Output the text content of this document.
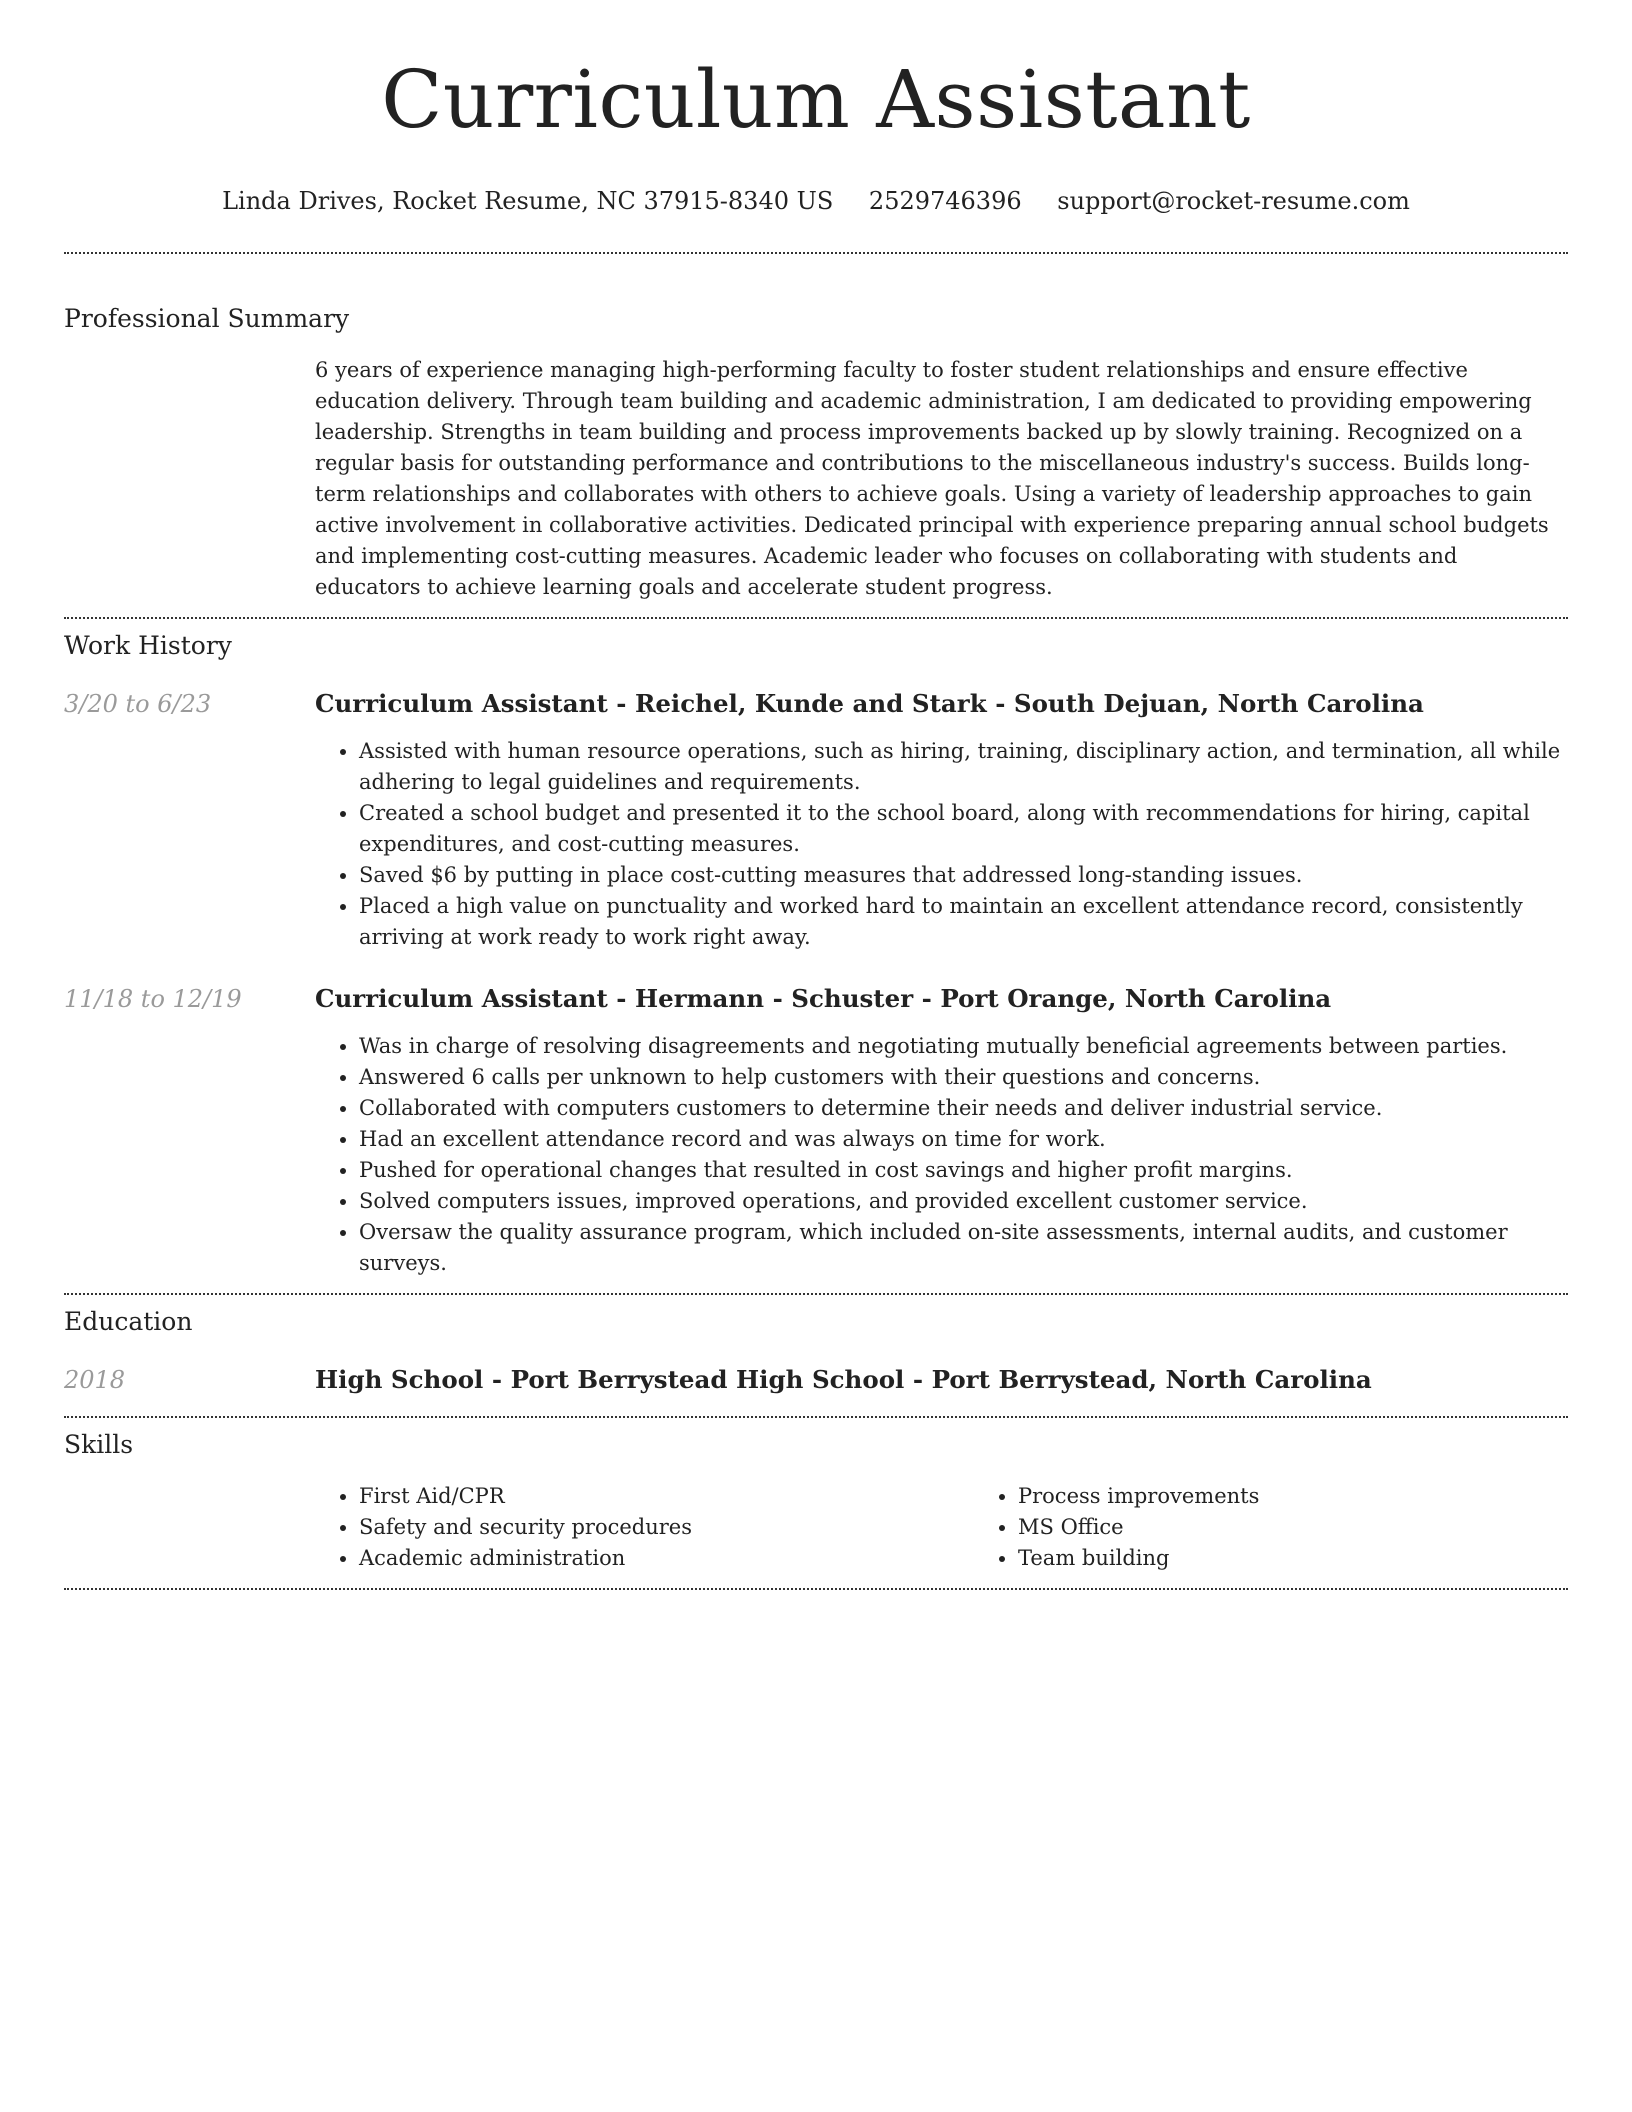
Curriculum Assistant
Linda Drives, Rocket Resume, NC 37915-8340 US 2529746396 support@rocket-resume.com
Professional Summary

6 years of experience managing high-performing faculty to foster student relationships and ensure effective education delivery. Through team building and academic administration, I am dedicated to providing empowering leadership. Strengths in team building and process improvements backed up by slowly training. Recognized on a regular basis for outstanding performance and contributions to the miscellaneous industry's success. Builds long-term relationships and collaborates with others to achieve goals. Using a variety of leadership approaches to gain active involvement in collaborative activities. Dedicated principal with experience preparing annual school budgets and implementing cost-cutting measures. Academic leader who focuses on collaborating with students and educators to achieve learning goals and accelerate student progress.

Work History
3/20 to 6/23	Curriculum Assistant - Reichel, Kunde and Stark - South Dejuan, North Carolina
• Assisted with human resource operations, such as hiring, training, disciplinary action, and termination, all while adhering to legal guidelines and requirements.
• Created a school budget and presented it to the school board, along with recommendations for hiring, capital expenditures, and cost-cutting measures.
• Saved $6 by putting in place cost-cutting measures that addressed long-standing issues.
• Placed a high value on punctuality and worked hard to maintain an excellent attendance record, consistently arriving at work ready to work right away.
11/18 to 12/19	Curriculum Assistant - Hermann - Schuster - Port Orange, North Carolina
• Was in charge of resolving disagreements and negotiating mutually beneficial agreements between parties.
• Answered 6 calls per unknown to help customers with their questions and concerns.
• Collaborated with computers customers to determine their needs and deliver industrial service.
• Had an excellent attendance record and was always on time for work.
• Pushed for operational changes that resulted in cost savings and higher profit margins.
• Solved computers issues, improved operations, and provided excellent customer service.
• Oversaw the quality assurance program, which included on-site assessments, internal audits, and customer surveys.
Education
2018	High School - Port Berrystead High School - Port Berrystead, North Carolina
Skills
• First Aid/CPR
• Safety and security procedures
• Academic administration
• Process improvements
• MS Office
• Team building
